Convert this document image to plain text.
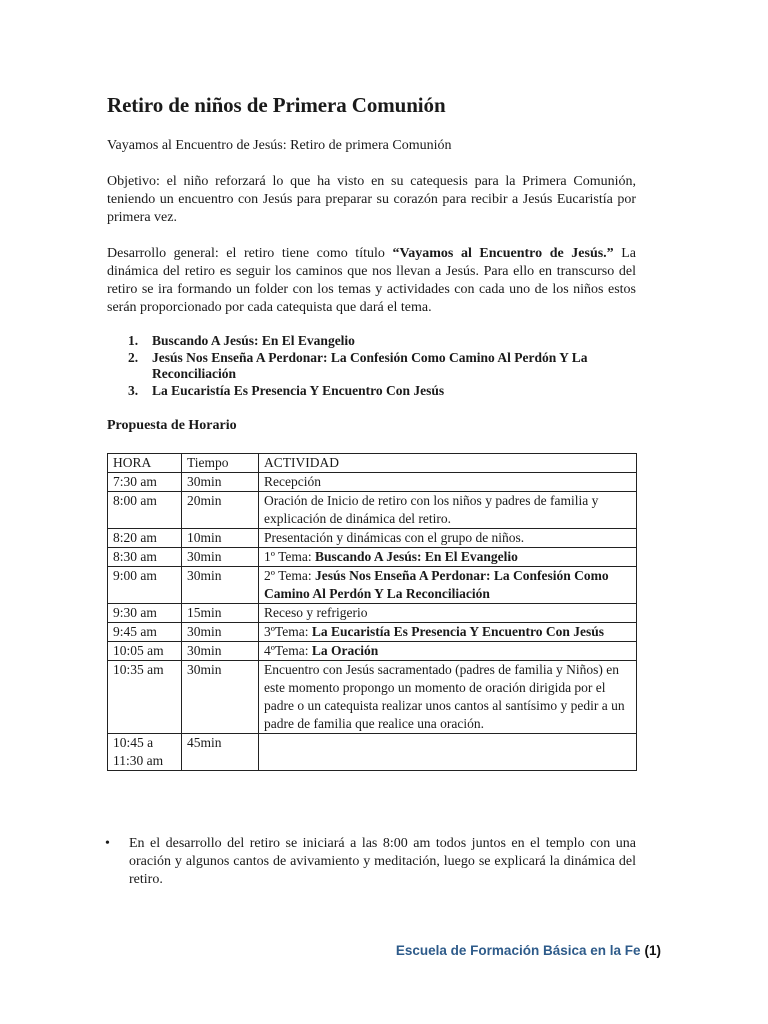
Retiro de niños de Primera Comunión

Vayamos al Encuentro de Jesús: Retiro de primera Comunión

Objetivo: el niño reforzará lo que ha visto en su catequesis para la Primera Comunión, teniendo un encuentro con Jesús para preparar su corazón para recibir a Jesús Eucaristía por primera vez.

Desarrollo general: el retiro tiene como título “Vayamos al Encuentro de Jesús.” La dinámica del retiro es seguir los caminos que nos llevan a Jesús. Para ello en transcurso del retiro se ira formando un folder con los temas y actividades con cada uno de los niños estos serán proporcionado por cada catequista que dará el tema.

1. Buscando A Jesús: En El Evangelio
2. Jesús Nos Enseña A Perdonar: La Confesión Como Camino Al Perdón Y La Reconciliación
3. La Eucaristía Es Presencia Y Encuentro Con Jesús
Propuesta de Horario
HORA	Tiempo	ACTIVIDAD
7:30 am	30min	Recepción
8:00 am	20min	Oración de Inicio de retiro con los niños y padres de familia y explicación de dinámica del retiro.
8:20 am	10min	Presentación y dinámicas con el grupo de niños.
8:30 am	30min	1º Tema: Buscando A Jesús: En El Evangelio
9:00 am	30min	2º Tema: Jesús Nos Enseña A Perdonar: La Confesión Como Camino Al Perdón Y La Reconciliación
9:30 am	15min	Receso y refrigerio
9:45 am	30min	3ºTema: La Eucaristía Es Presencia Y Encuentro Con Jesús
10:05 am	30min	4ºTema: La Oración
10:35 am	30min	Encuentro con Jesús sacramentado (padres de familia y Niños) en este momento propongo un momento de oración dirigida por el padre o un catequista realizar unos cantos al santísimo y pedir a un padre de familia que realice una oración.
10:45 a 11:30 am	45min	

• En el desarrollo del retiro se iniciará a las 8:00 am todos juntos en el templo con una oración y algunos cantos de avivamiento y meditación, luego se explicará la dinámica del retiro.

Escuela de Formación Básica en la Fe (1)
